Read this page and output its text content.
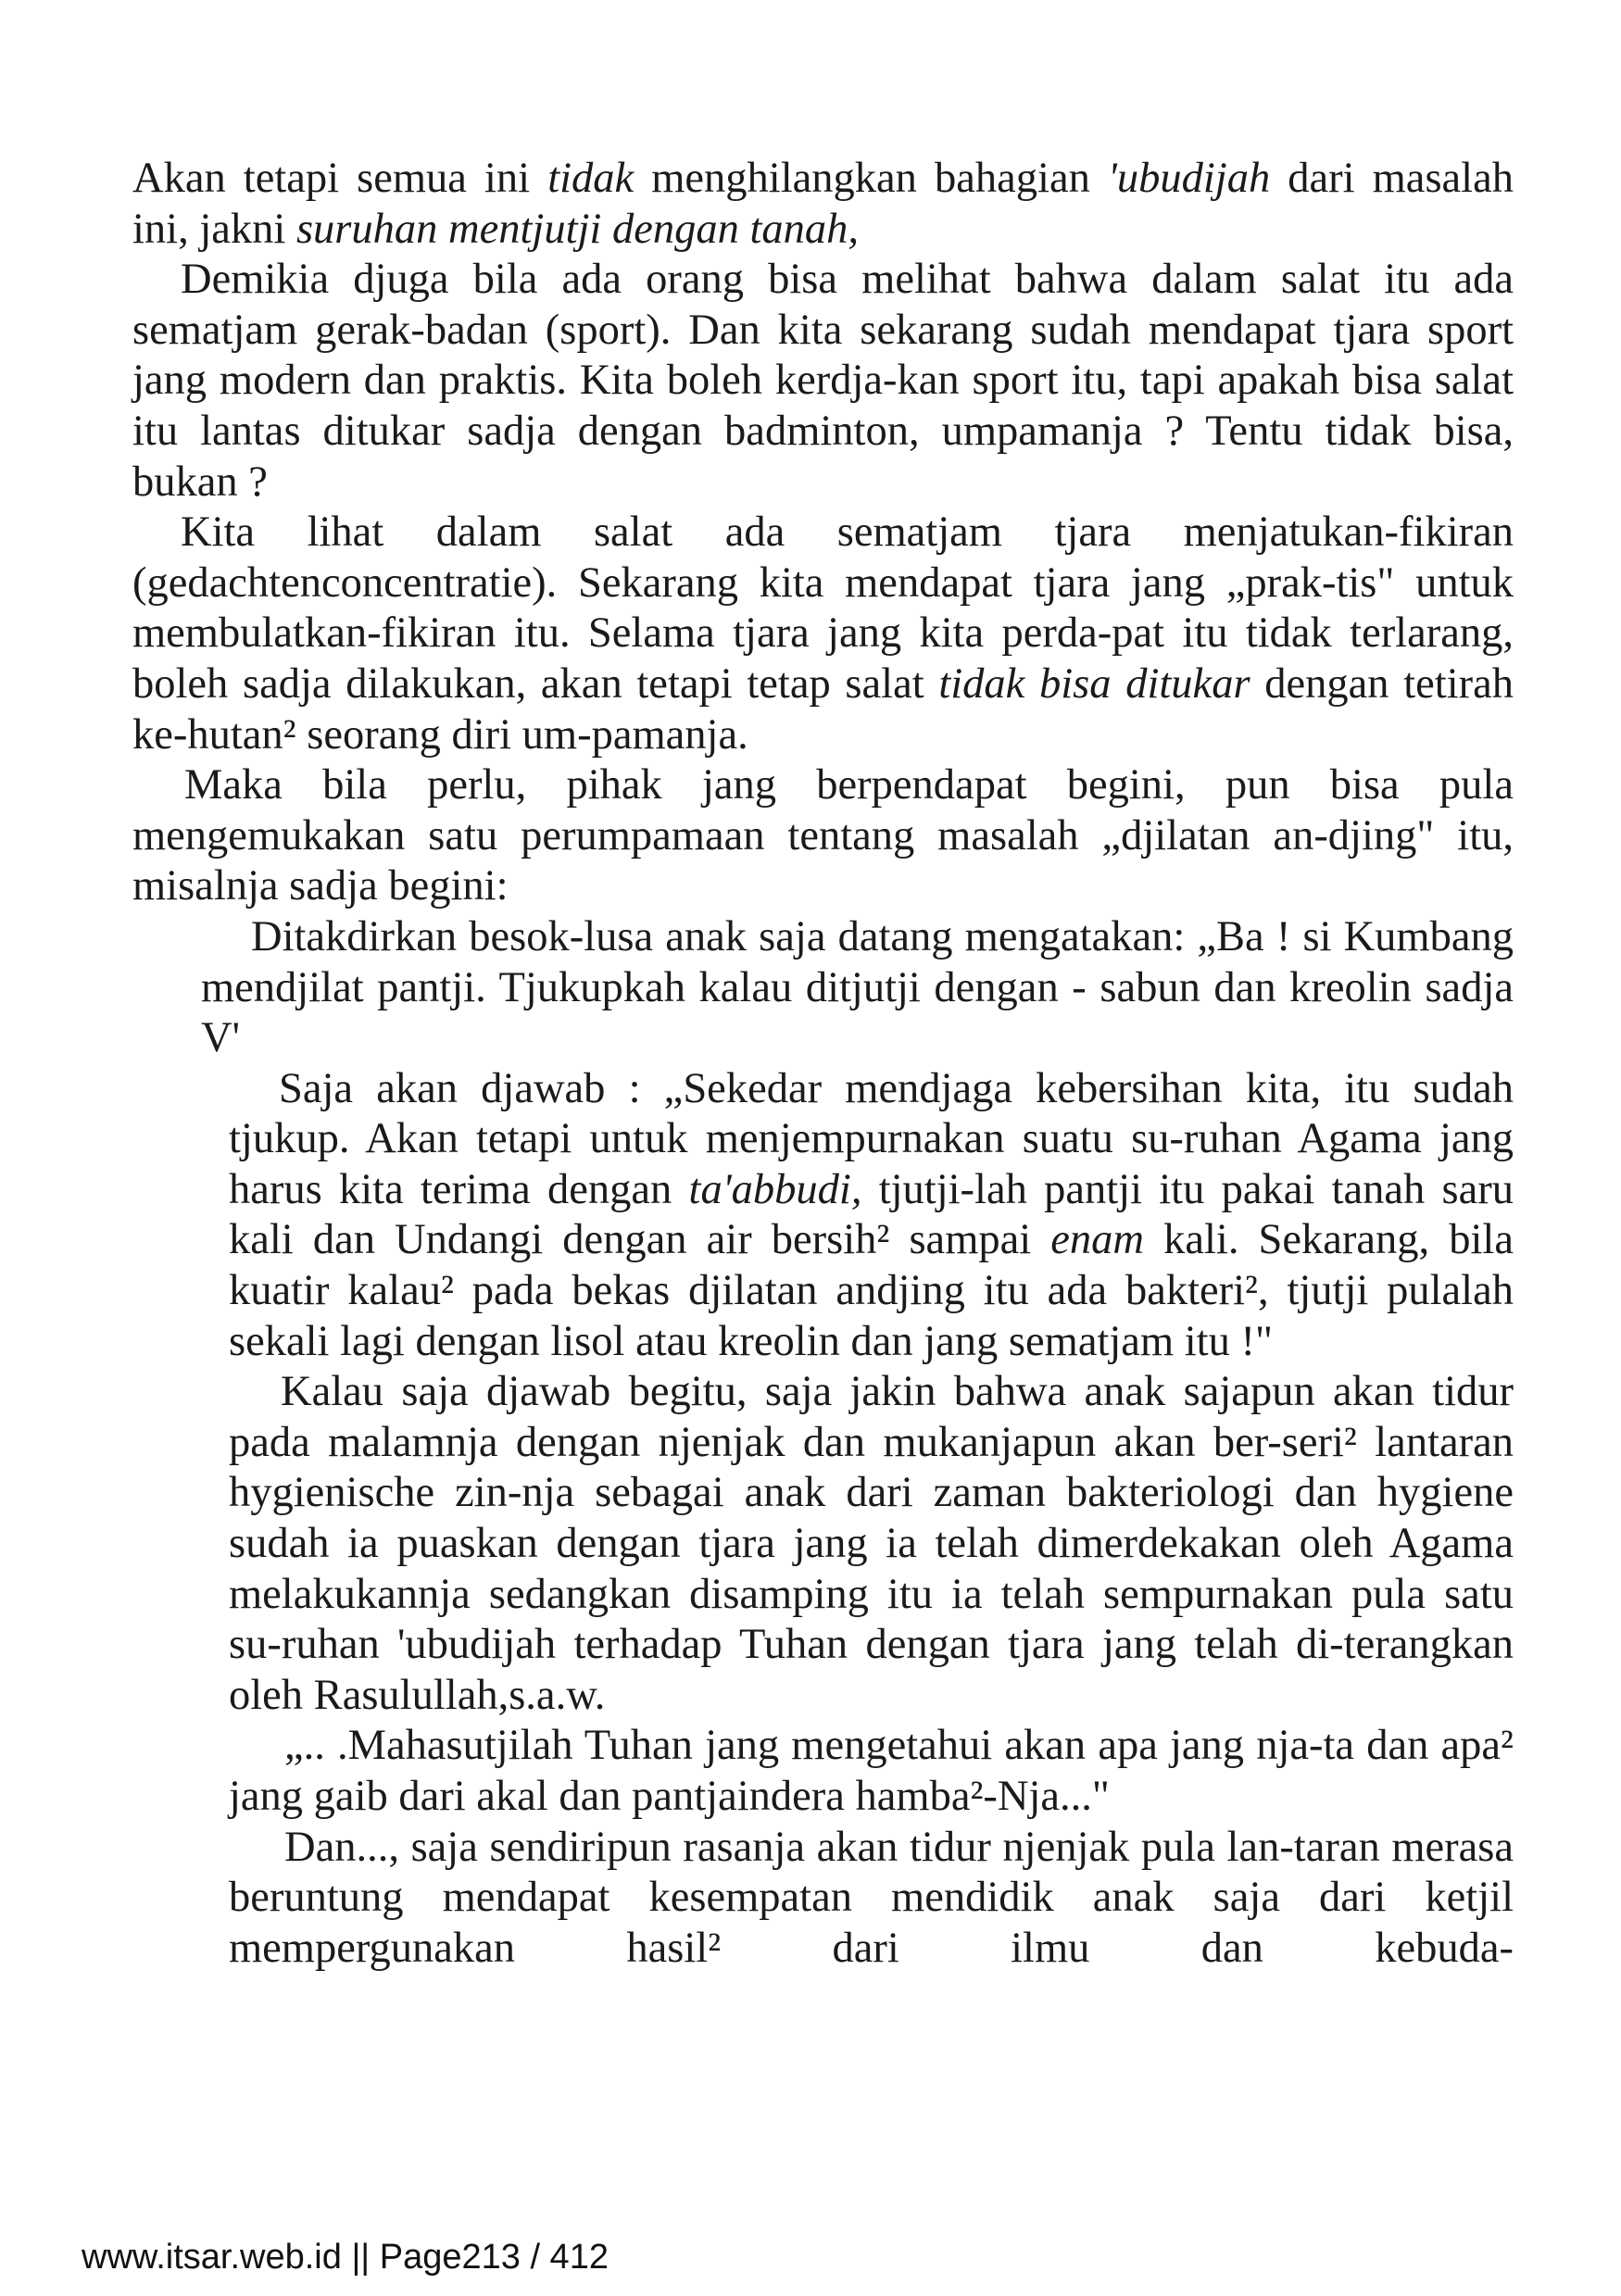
Akan tetapi semua ini tidak menghilangkan bahagian 'ubudijah dari masalah ini, jakni suruhan mentjutji dengan tanah,

Demikia djuga bila ada orang bisa melihat bahwa dalam salat itu ada sematjam gerak-badan (sport). Dan kita sekarang sudah mendapat tjara sport jang modern dan praktis. Kita boleh kerdja-kan sport itu, tapi apakah bisa salat itu lantas ditukar sadja dengan badminton, umpamanja ? Tentu tidak bisa, bukan ?

Kita lihat dalam salat ada sematjam tjara menjatukan-fikiran (gedachtenconcentratie). Sekarang kita mendapat tjara jang „prak-tis" untuk membulatkan-fikiran itu. Selama tjara jang kita perda-pat itu tidak terlarang, boleh sadja dilakukan, akan tetapi tetap salat tidak bisa ditukar dengan tetirah ke-hutan² seorang diri um-pamanja.

Maka bila perlu, pihak jang berpendapat begini, pun bisa pula mengemukakan satu perumpamaan tentang masalah „djilatan an-djing" itu, misalnja sadja begini:

Ditakdirkan besok-lusa anak saja datang mengatakan: „Ba ! si Kumbang mendjilat pantji. Tjukupkah kalau ditjutji dengan - sabun dan kreolin sadja V'

Saja akan djawab : „Sekedar mendjaga kebersihan kita, itu sudah tjukup. Akan tetapi untuk menjempurnakan suatu su-ruhan Agama jang harus kita terima dengan ta'abbudi, tjutji-lah pantji itu pakai tanah saru kali dan Undangi dengan air bersih² sampai enam kali. Sekarang, bila kuatir kalau² pada bekas djilatan andjing itu ada bakteri², tjutji pulalah sekali lagi dengan lisol atau kreolin dan jang sematjam itu !"

Kalau saja djawab begitu, saja jakin bahwa anak sajapun akan tidur pada malamnja dengan njenjak dan mukanjapun akan ber-seri² lantaran hygienische zin-nja sebagai anak dari zaman bakteriologi dan hygiene sudah ia puaskan dengan tjara jang ia telah dimerdekakan oleh Agama melakukannja sedangkan disamping itu ia telah sempurnakan pula satu su-ruhan 'ubudijah terhadap Tuhan dengan tjara jang telah di-terangkan oleh Rasulullah,s.a.w.

„.. .Mahasutjilah Tuhan jang mengetahui akan apa jang nja-ta dan apa² jang gaib dari akal dan pantjaindera hamba²-Nja..."

Dan..., saja sendiripun rasanja akan tidur njenjak pula lan-taran merasa beruntung mendapat kesempatan mendidik anak saja dari ketjil mempergunakan hasil² dari ilmu dan kebuda-

www.itsar.web.id || Page213 / 412
